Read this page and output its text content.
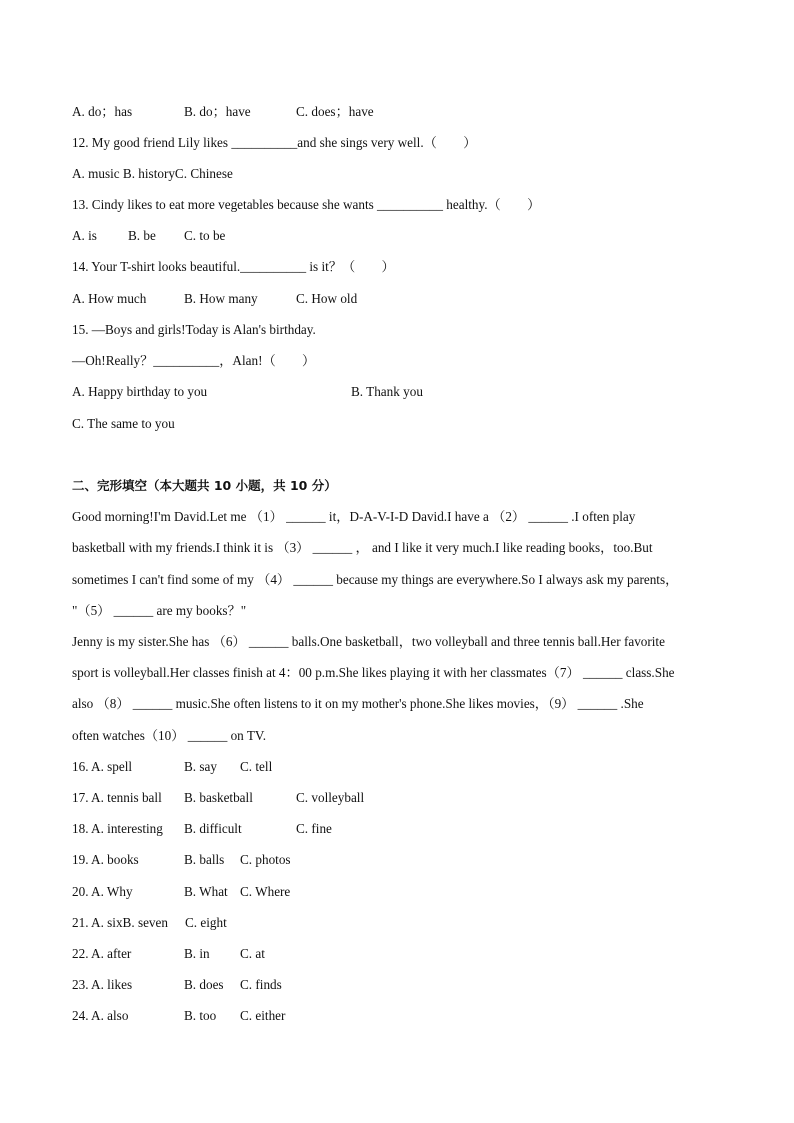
A. do；has	B. do；have	C. does；have
12. My good friend Lily likes __________and she sings very well.（　　）
A. music B. historyC. Chinese
13. Cindy likes to eat more vegetables because she wants __________ healthy.（　　）
A. is B. be C. to be
14. Your T-shirt looks beautiful.__________ is it？（　　）
A. How much	B. How many	C. How old
15. —Boys and girls!Today is Alan's birthday.
—Oh!Really？__________，Alan!（　　）
A. Happy birthday to you	B. Thank you
C. The same to you
二、完形填空（本大题共 10 小题，共 10 分）
Good morning!I'm David.Let me （1） ______ it，D-A-V-I-D David.I have a （2） ______ .I often play
basketball with my friends.I think it is （3） ______ ， and I like it very much.I like reading books，too.But
sometimes I can't find some of my （4） ______ because my things are everywhere.So I always ask my parents，
"（5） ______ are my books？"
Jenny is my sister.She has （6） ______ balls.One basketball，two volleyball and three tennis ball.Her favorite
sport is volleyball.Her classes finish at 4：00 p.m.She likes playing it with her classmates（7） ______ class.She
also （8） ______ music.She often listens to it on my mother's phone.She likes movies，（9） ______ .She
often watches（10） ______ on TV.
16. A. spell	B. say C. tell
17. A. tennis ball B. basketball	C. volleyball
18. A. interesting B. difficult	C. fine
19. A. books	B. balls C. photos
20. A. Why	B. What C. Where
21. A. sixB. seven C. eight
22. A. after	B. in C. at
23. A. likes	B. does C. finds
24. A. also	B. too C. either
